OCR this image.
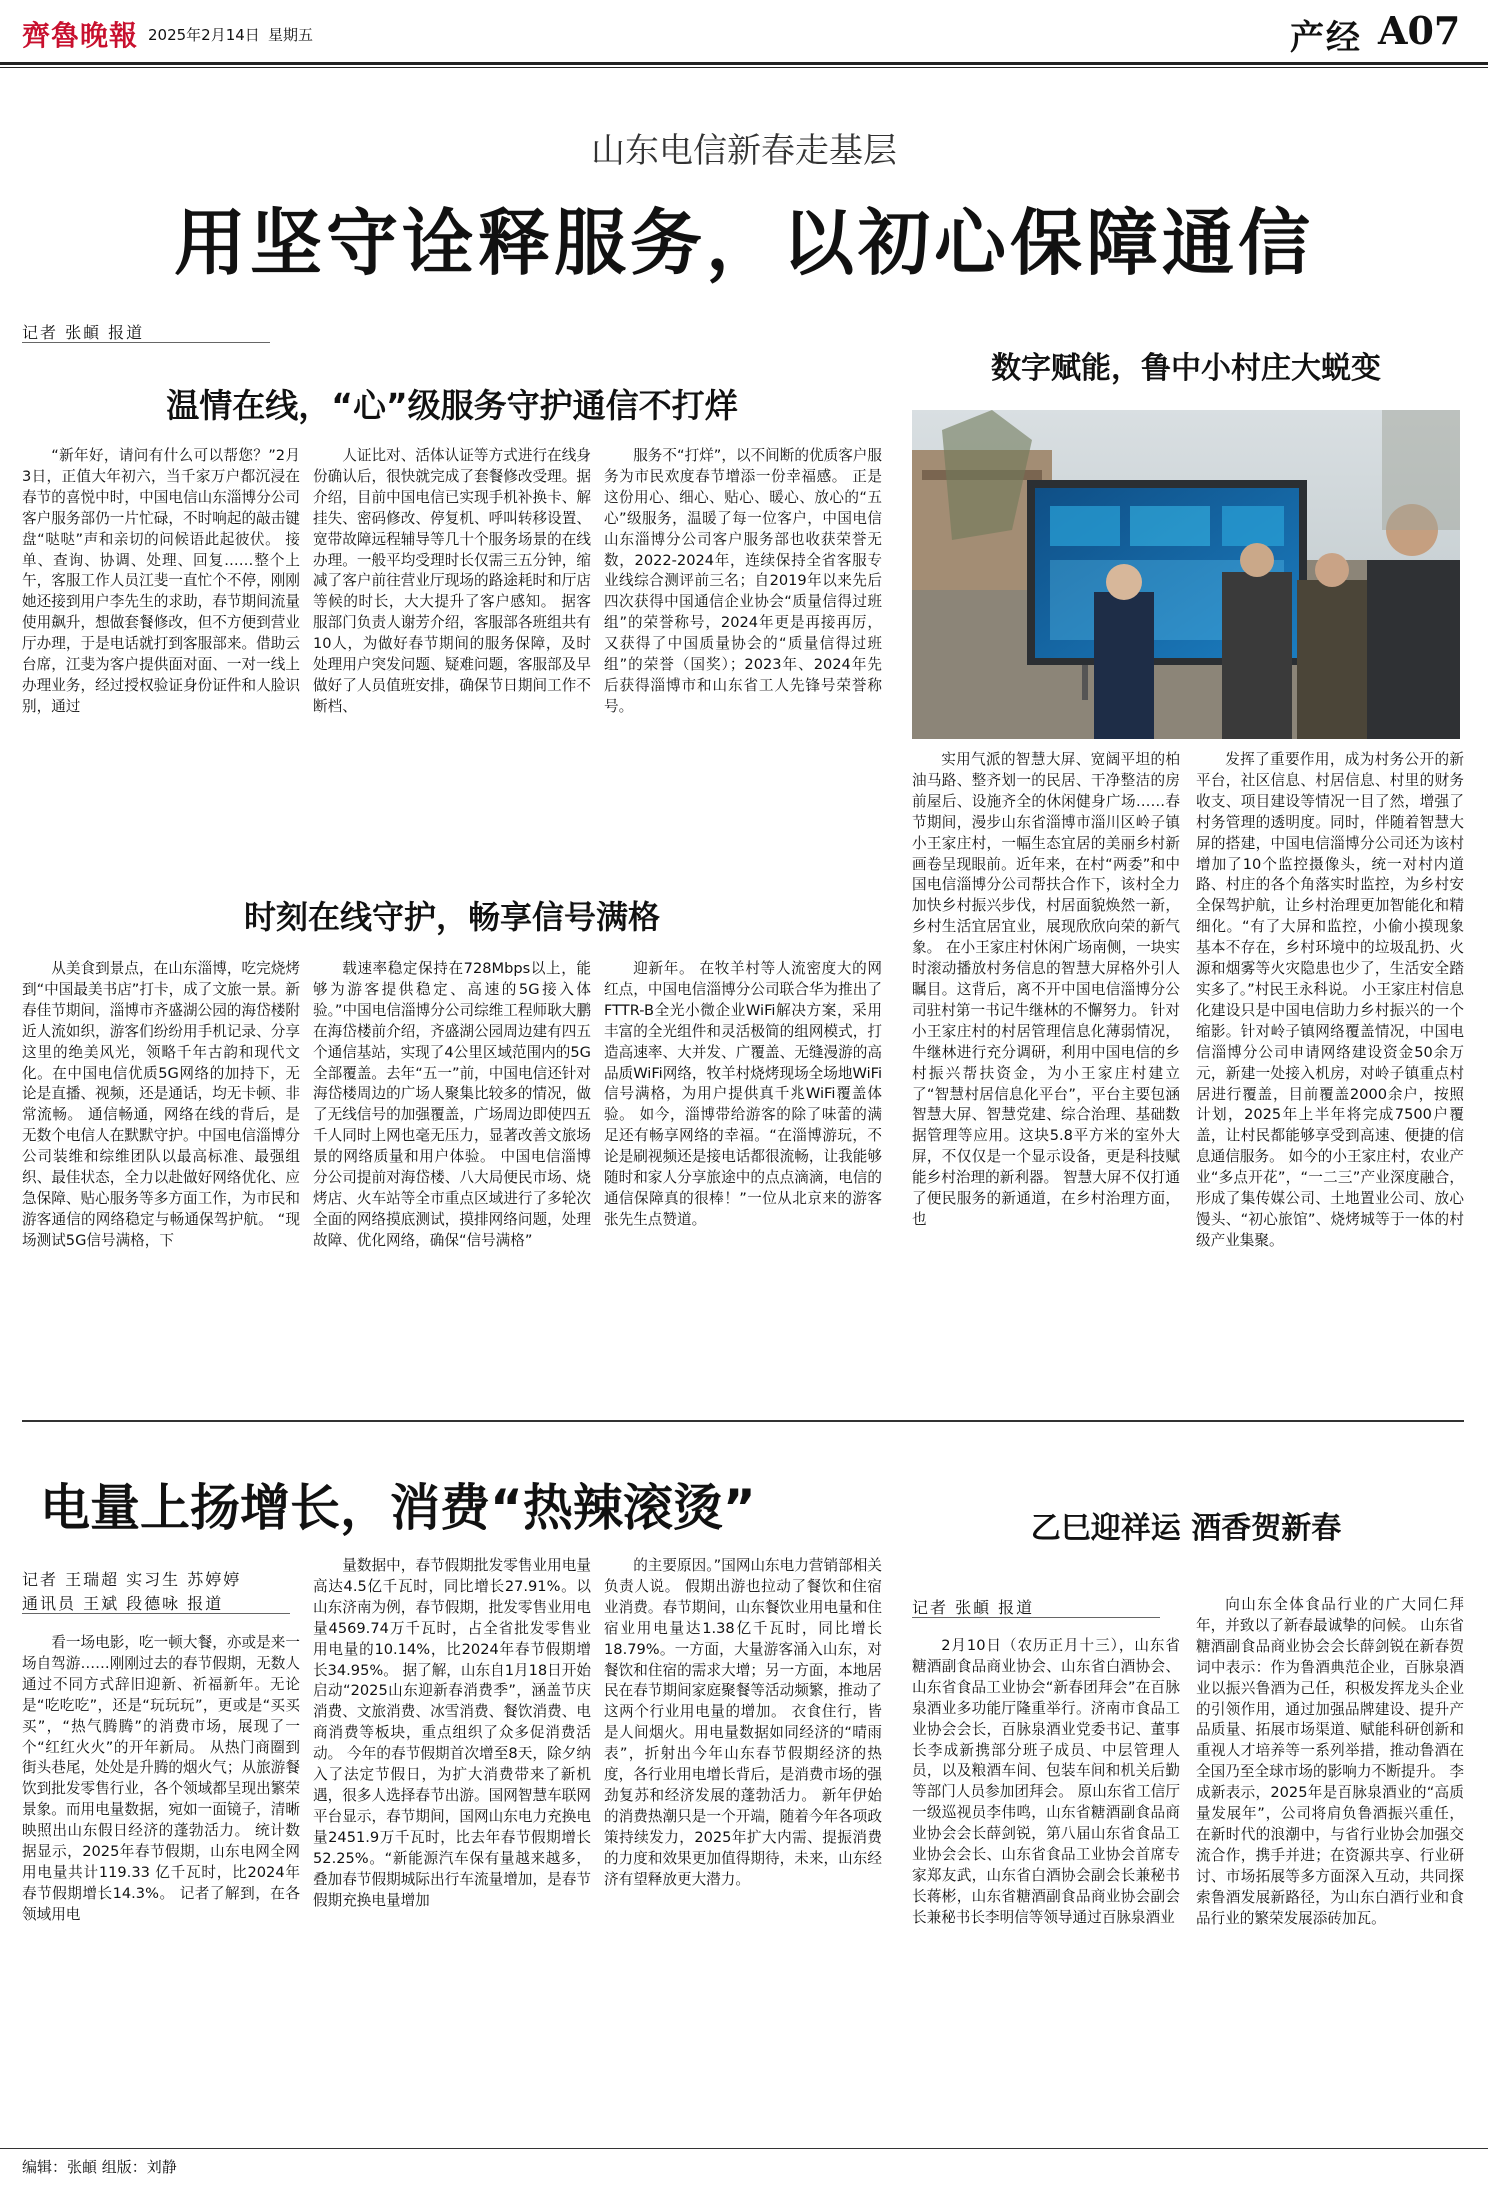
齊魯晚報 2025年2月14日 星期五	产经 A07
山东电信新春走基层
用坚守诠释服务，以初心保障通信
记者 张頔 报道
温情在线，“心”级服务守护通信不打烊
“新年好，请问有什么可以帮您？”2月3日，正值大年初六，当千家万户都沉浸在春节的喜悦中时，中国电信山东淄博分公司客户服务部仍一片忙碌，不时响起的敲击键盘“哒哒”声和亲切的问候语此起彼伏。 接单、查询、协调、处理、回复……整个上午，客服工作人员江斐一直忙个不停，刚刚她还接到用户李先生的求助，春节期间流量使用飙升，想做套餐修改，但不方便到营业厅办理，于是电话就打到客服部来。借助云台席，江斐为客户提供面对面、一对一线上办理业务，经过授权验证身份证件和人脸识别，通过
人证比对、活体认证等方式进行在线身份确认后，很快就完成了套餐修改受理。据介绍，目前中国电信已实现手机补换卡、解挂失、密码修改、停复机、呼叫转移设置、宽带故障远程辅导等几十个服务场景的在线办理。一般平均受理时长仅需三五分钟，缩减了客户前往营业厅现场的路途耗时和厅店等候的时长，大大提升了客户感知。 据客服部门负责人谢芳介绍，客服部各班组共有10人，为做好春节期间的服务保障，及时处理用户突发问题、疑难问题，客服部及早做好了人员值班安排，确保节日期间工作不断档、
服务不“打烊”，以不间断的优质客户服务为市民欢度春节增添一份幸福感。 正是这份用心、细心、贴心、暖心、放心的“五心”级服务，温暖了每一位客户，中国电信山东淄博分公司客户服务部也收获荣誉无数，2022-2024年，连续保持全省客服专业线综合测评前三名；自2019年以来先后四次获得中国通信企业协会“质量信得过班组”的荣誉称号，2024年更是再接再厉，又获得了中国质量协会的“质量信得过班组”的荣誉（国奖）；2023年、2024年先后获得淄博市和山东省工人先锋号荣誉称号。
时刻在线守护，畅享信号满格
从美食到景点，在山东淄博，吃完烧烤到“中国最美书店”打卡，成了文旅一景。新春佳节期间，淄博市齐盛湖公园的海岱楼附近人流如织，游客们纷纷用手机记录、分享这里的绝美风光，领略千年古韵和现代文化。在中国电信优质5G网络的加持下，无论是直播、视频，还是通话，均无卡顿、非常流畅。 通信畅通，网络在线的背后，是无数个电信人在默默守护。中国电信淄博分公司装维和综维团队以最高标准、最强组织、最佳状态，全力以赴做好网络优化、应急保障、贴心服务等多方面工作，为市民和游客通信的网络稳定与畅通保驾护航。 “现场测试5G信号满格，下
载速率稳定保持在728Mbps以上，能够为游客提供稳定、高速的5G接入体验。”中国电信淄博分公司综维工程师耿大鹏在海岱楼前介绍，齐盛湖公园周边建有四五个通信基站，实现了4公里区域范围内的5G全部覆盖。去年“五一”前，中国电信还针对海岱楼周边的广场人聚集比较多的情况，做了无线信号的加强覆盖，广场周边即使四五千人同时上网也毫无压力，显著改善文旅场景的网络质量和用户体验。 中国电信淄博分公司提前对海岱楼、八大局便民市场、烧烤店、火车站等全市重点区域进行了多轮次全面的网络摸底测试，摸排网络问题，处理故障、优化网络，确保“信号满格”
迎新年。 在牧羊村等人流密度大的网红点，中国电信淄博分公司联合华为推出了FTTR-B全光小微企业WiFi解决方案，采用丰富的全光组件和灵活极简的组网模式，打造高速率、大并发、广覆盖、无缝漫游的高品质WiFi网络，牧羊村烧烤现场全场地WiFi信号满格，为用户提供真千兆WiFi覆盖体验。 如今，淄博带给游客的除了味蕾的满足还有畅享网络的幸福。“在淄博游玩，不论是刷视频还是接电话都很流畅，让我能够随时和家人分享旅途中的点点滴滴，电信的通信保障真的很棒！”一位从北京来的游客张先生点赞道。
数字赋能，鲁中小村庄大蜕变
实用气派的智慧大屏、宽阔平坦的柏油马路、整齐划一的民居、干净整洁的房前屋后、设施齐全的休闲健身广场……春节期间，漫步山东省淄博市淄川区岭子镇小王家庄村，一幅生态宜居的美丽乡村新画卷呈现眼前。近年来，在村“两委”和中国电信淄博分公司帮扶合作下，该村全力加快乡村振兴步伐，村居面貌焕然一新，乡村生活宜居宜业，展现欣欣向荣的新气象。 在小王家庄村休闲广场南侧，一块实时滚动播放村务信息的智慧大屏格外引人瞩目。这背后，离不开中国电信淄博分公司驻村第一书记牛继林的不懈努力。 针对小王家庄村的村居管理信息化薄弱情况，牛继林进行充分调研，利用中国电信的乡村振兴帮扶资金，为小王家庄村建立了“智慧村居信息化平台”，平台主要包涵智慧大屏、智慧党建、综合治理、基础数据管理等应用。这块5.8平方米的室外大屏，不仅仅是一个显示设备，更是科技赋能乡村治理的新利器。 智慧大屏不仅打通了便民服务的新通道，在乡村治理方面，也
发挥了重要作用，成为村务公开的新平台，社区信息、村居信息、村里的财务收支、项目建设等情况一目了然，增强了村务管理的透明度。同时，伴随着智慧大屏的搭建，中国电信淄博分公司还为该村增加了10个监控摄像头，统一对村内道路、村庄的各个角落实时监控，为乡村安全保驾护航，让乡村治理更加智能化和精细化。“有了大屏和监控，小偷小摸现象基本不存在，乡村环境中的垃圾乱扔、火源和烟雾等火灾隐患也少了，生活安全踏实多了。”村民王永科说。 小王家庄村信息化建设只是中国电信助力乡村振兴的一个缩影。针对岭子镇网络覆盖情况，中国电信淄博分公司申请网络建设资金50余万元，新建一处接入机房，对岭子镇重点村居进行覆盖，目前覆盖2000余户，按照计划，2025年上半年将完成7500户覆盖，让村民都能够享受到高速、便捷的信息通信服务。 如今的小王家庄村，农业产业“多点开花”，“一二三”产业深度融合，形成了集传媒公司、土地置业公司、放心馒头、“初心旅馆”、烧烤城等于一体的村级产业集聚。
电量上扬增长，消费“热辣滚烫”
记者 王瑞超 实习生 苏婷婷
通讯员 王斌 段德咏 报道
看一场电影，吃一顿大餐，亦或是来一场自驾游……刚刚过去的春节假期，无数人通过不同方式辞旧迎新、祈福新年。无论是“吃吃吃”，还是“玩玩玩”，更或是“买买买”，“热气腾腾”的消费市场，展现了一个“红红火火”的开年新局。 从热门商圈到街头巷尾，处处是升腾的烟火气；从旅游餐饮到批发零售行业，各个领域都呈现出繁荣景象。而用电量数据，宛如一面镜子，清晰映照出山东假日经济的蓬勃活力。 统计数据显示，2025年春节假期，山东电网全网用电量共计119.33 亿千瓦时，比2024年春节假期增长14.3%。 记者了解到，在各领域用电
量数据中，春节假期批发零售业用电量高达4.5亿千瓦时，同比增长27.91%。以山东济南为例，春节假期，批发零售业用电量4569.74万千瓦时，占全省批发零售业用电量的10.14%，比2024年春节假期增长34.95%。 据了解，山东自1月18日开始启动“2025山东迎新春消费季”，涵盖节庆消费、文旅消费、冰雪消费、餐饮消费、电商消费等板块，重点组织了众多促消费活动。 今年的春节假期首次增至8天，除夕纳入了法定节假日，为扩大消费带来了新机遇，很多人选择春节出游。国网智慧车联网平台显示，春节期间，国网山东电力充换电量2451.9万千瓦时，比去年春节假期增长52.25%。“新能源汽车保有量越来越多，叠加春节假期城际出行车流量增加，是春节假期充换电量增加
的主要原因。”国网山东电力营销部相关负责人说。 假期出游也拉动了餐饮和住宿业消费。春节期间，山东餐饮业用电量和住宿业用电量达1.38亿千瓦时，同比增长18.79%。一方面，大量游客涌入山东，对餐饮和住宿的需求大增；另一方面，本地居民在春节期间家庭聚餐等活动频繁，推动了这两个行业用电量的增加。 衣食住行，皆是人间烟火。用电量数据如同经济的“晴雨表”，折射出今年山东春节假期经济的热度，各行业用电增长背后，是消费市场的强劲复苏和经济发展的蓬勃活力。 新年伊始的消费热潮只是一个开端，随着今年各项政策持续发力，2025年扩大内需、提振消费的力度和效果更加值得期待，未来，山东经济有望释放更大潜力。
乙巳迎祥运 酒香贺新春
记者 张頔 报道
2月10日（农历正月十三），山东省糖酒副食品商业协会、山东省白酒协会、山东省食品工业协会“新春团拜会”在百脉泉酒业多功能厅隆重举行。济南市食品工业协会会长，百脉泉酒业党委书记、董事长李成新携部分班子成员、中层管理人员，以及粮酒车间、包装车间和机关后勤等部门人员参加团拜会。 原山东省工信厅一级巡视员李伟鸣，山东省糖酒副食品商业协会会长薛剑锐，第八届山东省食品工业协会会长、山东省食品工业协会首席专家郑友武，山东省白酒协会副会长兼秘书长蒋彬，山东省糖酒副食品商业协会副会长兼秘书长李明信等领导通过百脉泉酒业
向山东全体食品行业的广大同仁拜年，并致以了新春最诚挚的问候。 山东省糖酒副食品商业协会会长薛剑锐在新春贺词中表示：作为鲁酒典范企业，百脉泉酒业以振兴鲁酒为己任，积极发挥龙头企业的引领作用，通过加强品牌建设、提升产品质量、拓展市场渠道、赋能科研创新和重视人才培养等一系列举措，推动鲁酒在全国乃至全球市场的影响力不断提升。 李成新表示，2025年是百脉泉酒业的“高质量发展年”，公司将肩负鲁酒振兴重任，在新时代的浪潮中，与省行业协会加强交流合作，携手并进；在资源共享、行业研讨、市场拓展等多方面深入互动，共同探索鲁酒发展新路径，为山东白酒行业和食品行业的繁荣发展添砖加瓦。
编辑：张頔 组版：刘静
